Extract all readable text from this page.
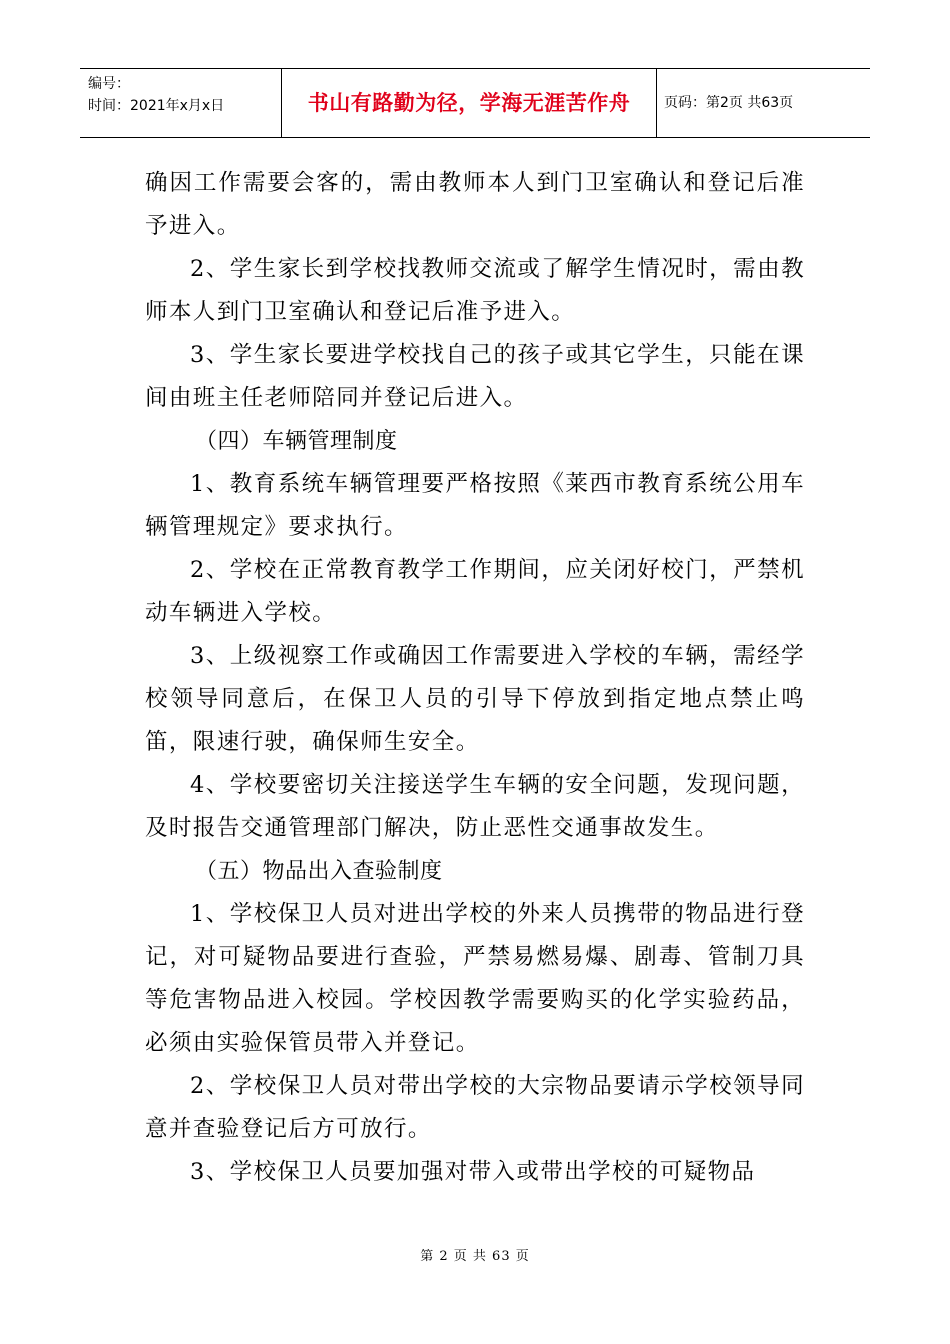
编号：
时间：2021年x月x日	书山有路勤为径，学海无涯苦作舟	页码：第2页 共63页

确因工作需要会客的，需由教师本人到门卫室确认和登记后准予进入。

2、学生家长到学校找教师交流或了解学生情况时，需由教师本人到门卫室确认和登记后准予进入。

3、学生家长要进学校找自己的孩子或其它学生，只能在课间由班主任老师陪同并登记后进入。

（四）车辆管理制度

1、教育系统车辆管理要严格按照《莱西市教育系统公用车辆管理规定》要求执行。

2、学校在正常教育教学工作期间，应关闭好校门，严禁机动车辆进入学校。

3、上级视察工作或确因工作需要进入学校的车辆，需经学校领导同意后，在保卫人员的引导下停放到指定地点禁止鸣笛，限速行驶，确保师生安全。

4、学校要密切关注接送学生车辆的安全问题，发现问题，及时报告交通管理部门解决，防止恶性交通事故发生。

（五）物品出入查验制度

1、学校保卫人员对进出学校的外来人员携带的物品进行登记，对可疑物品要进行查验，严禁易燃易爆、剧毒、管制刀具等危害物品进入校园。学校因教学需要购买的化学实验药品，必须由实验保管员带入并登记。

2、学校保卫人员对带出学校的大宗物品要请示学校领导同意并查验登记后方可放行。

3、学校保卫人员要加强对带入或带出学校的可疑物品

第 2 页 共 63 页
